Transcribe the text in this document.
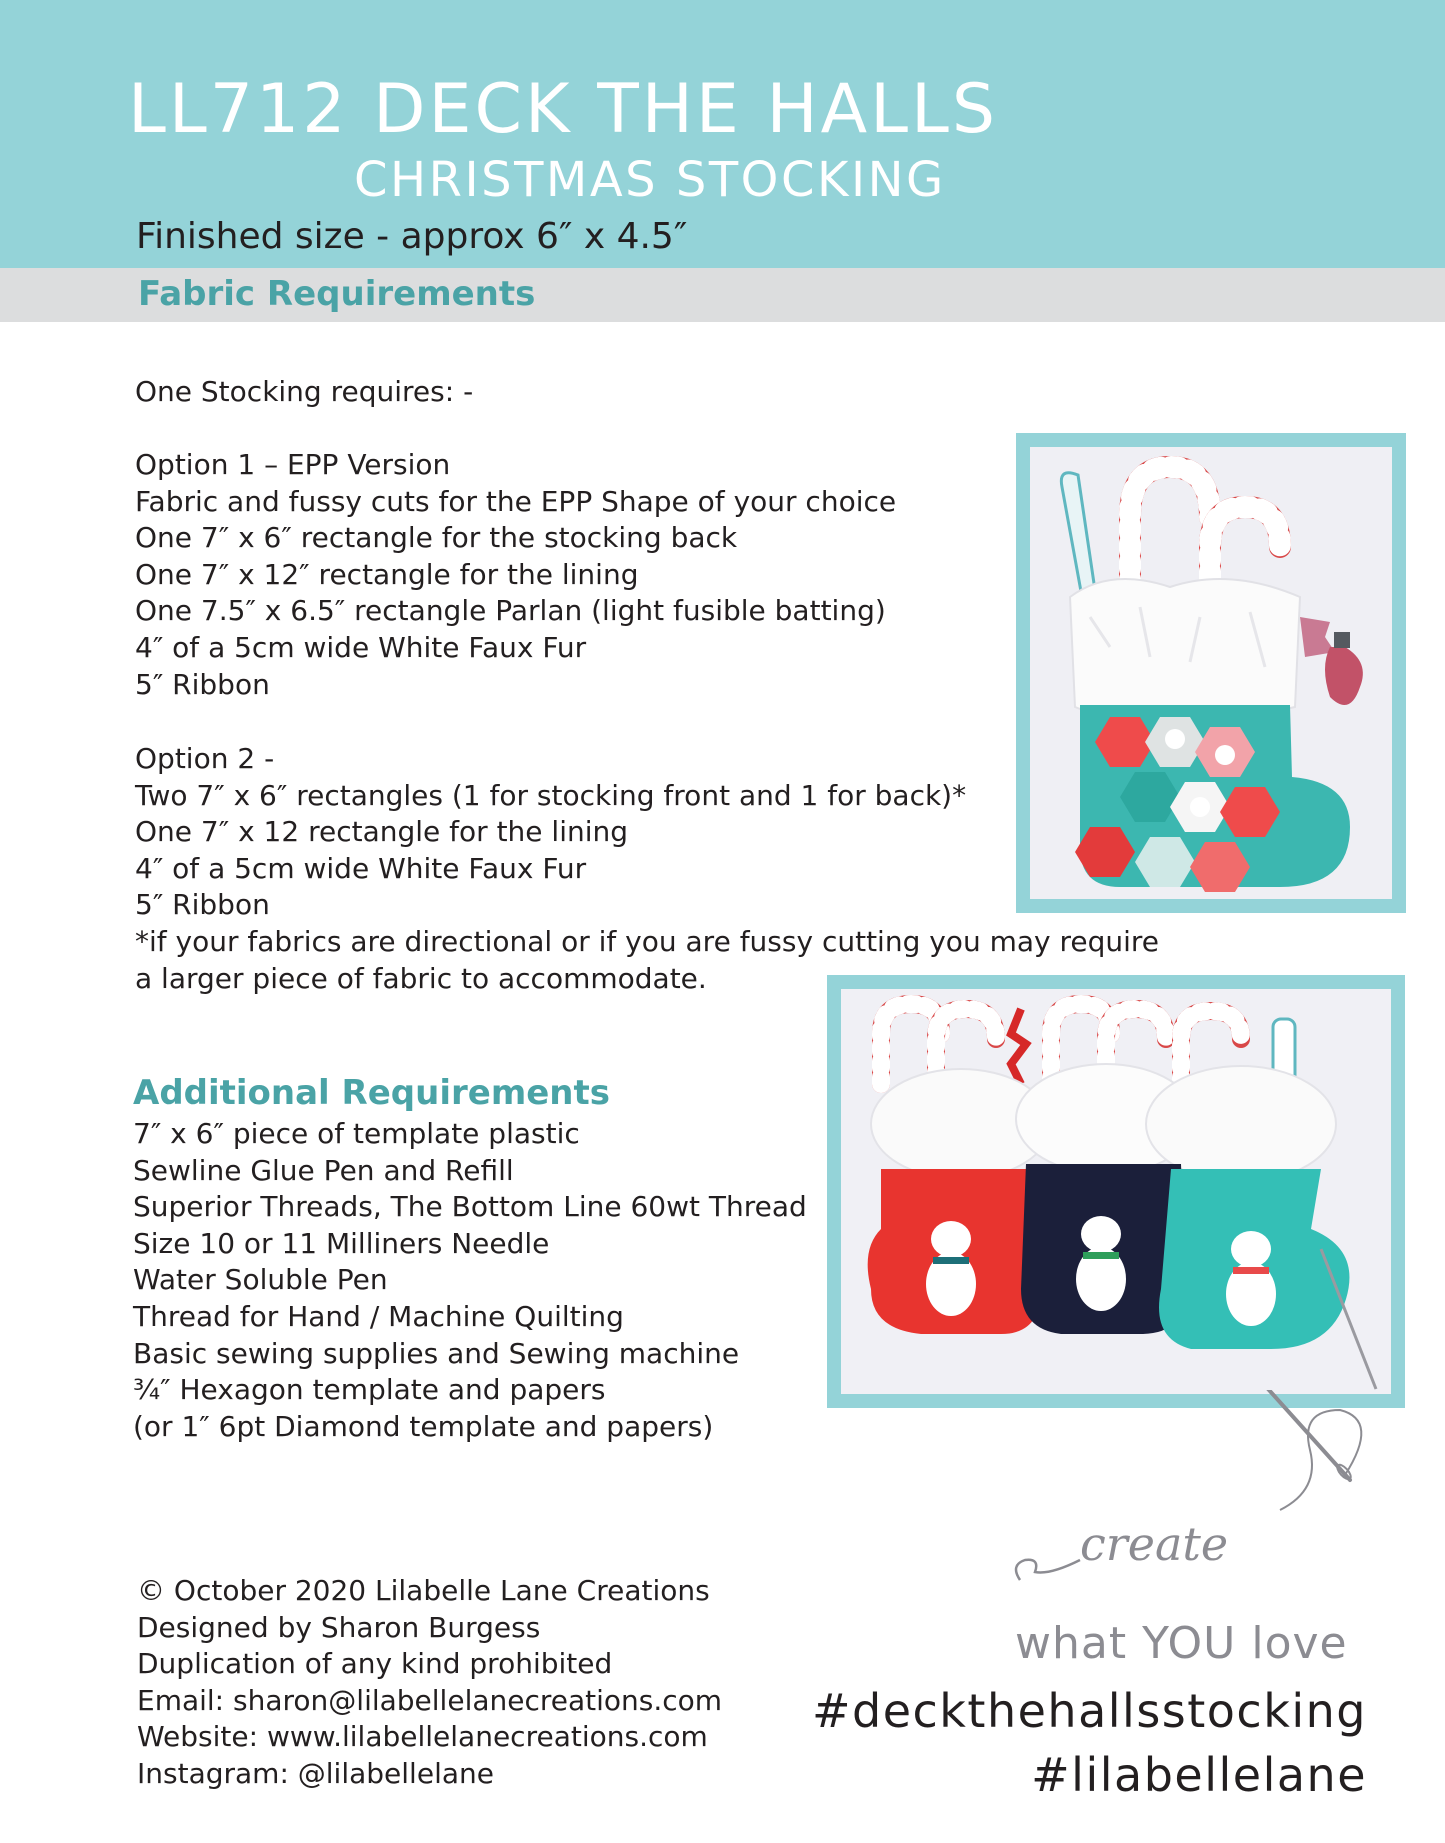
LL712 DECK THE HALLS
CHRISTMAS STOCKING
Finished size - approx 6″ x 4.5″
Fabric Requirements
One Stocking requires: -
Option 1 – EPP Version
Fabric and fussy cuts for the EPP Shape of your choice
One 7″ x 6″ rectangle for the stocking back
One 7″ x 12″ rectangle for the lining
One 7.5″ x 6.5″ rectangle Parlan (light fusible batting)
4″ of a 5cm wide White Faux Fur
5″ Ribbon
Option 2 -
Two 7″ x 6″ rectangles (1 for stocking front and 1 for back)*
One 7″ x 12 rectangle for the lining
4″ of a 5cm wide White Faux Fur
5″ Ribbon
*if your fabrics are directional or if you are fussy cutting you may require
a larger piece of fabric to accommodate.
Additional Requirements
7″ x 6″ piece of template plastic
Sewline Glue Pen and Refill
Superior Threads, The Bottom Line 60wt Thread
Size 10 or 11 Milliners Needle
Water Soluble Pen
Thread for Hand / Machine Quilting
Basic sewing supplies and Sewing machine
¾″ Hexagon template and papers
(or 1″ 6pt Diamond template and papers)
create
what YOU love
© October 2020 Lilabelle Lane Creations
Designed by Sharon Burgess
Duplication of any kind prohibited
Email: sharon@lilabellelanecreations.com
Website: www.lilabellelanecreations.com
Instagram: @lilabellelane
#deckthehallsstocking
#lilabellelane
